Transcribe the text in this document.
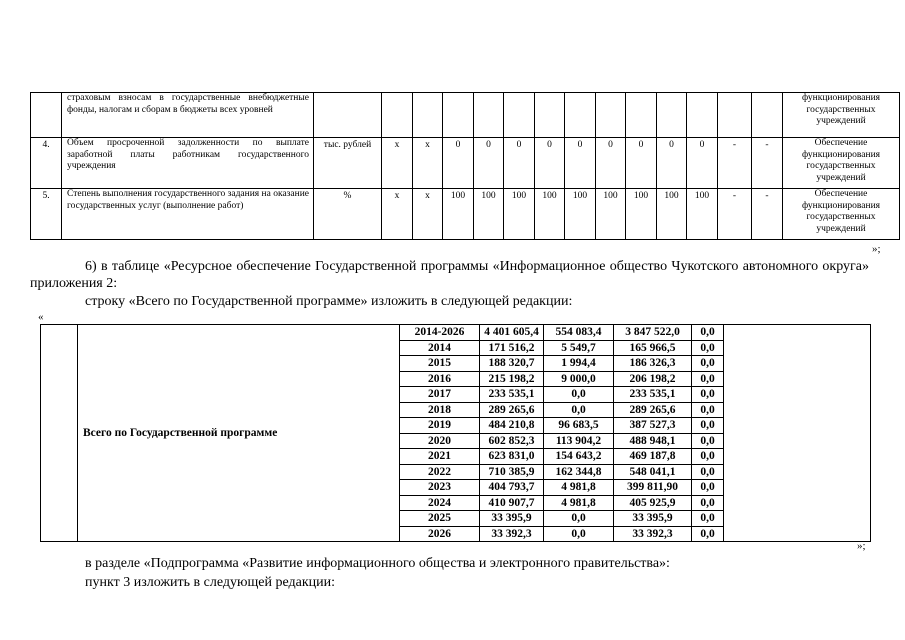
	страховым взносам в государственные внебюджетные фонды, налогам и сборам в бюджеты всех уровней															функционирования государственных учреждений
4.	Объем просроченной задолженности по выплате заработной платы работникам государственного учреждения	тыс. рублей	х	х	0	0	0	0	0	0	0	0	0	-	-	Обеспечение функционирования государственных учреждений
5.	Степень выполнения государственного задания на оказание государственных услуг (выполнение работ)	%	х	х	100	100	100	100	100	100	100	100	100	-	-	Обеспечение функционирования государственных учреждений
»;
6) в таблице «Ресурсное обеспечение Государственной программы «Информационное общество Чукотского автономного округа» приложения 2:
строку «Всего по Государственной программе» изложить в следующей редакции:
«
	Всего по Государственной программе	2014-2026	4 401 605,4	554 083,4	3 847 522,0	0,0	
		2014	171 516,2	5 549,7	165 966,5	0,0	
		2015	188 320,7	1 994,4	186 326,3	0,0	
		2016	215 198,2	9 000,0	206 198,2	0,0	
		2017	233 535,1	0,0	233 535,1	0,0	
		2018	289 265,6	0,0	289 265,6	0,0	
		2019	484 210,8	96 683,5	387 527,3	0,0	
		2020	602 852,3	113 904,2	488 948,1	0,0	
		2021	623 831,0	154 643,2	469 187,8	0,0	
		2022	710 385,9	162 344,8	548 041,1	0,0	
		2023	404 793,7	4 981,8	399 811,90	0,0	
		2024	410 907,7	4 981,8	405 925,9	0,0	
		2025	33 395,9	0,0	33 395,9	0,0	
		2026	33 392,3	0,0	33 392,3	0,0	
»;
в разделе «Подпрограмма «Развитие информационного общества и электронного правительства»:
пункт 3 изложить в следующей редакции:
